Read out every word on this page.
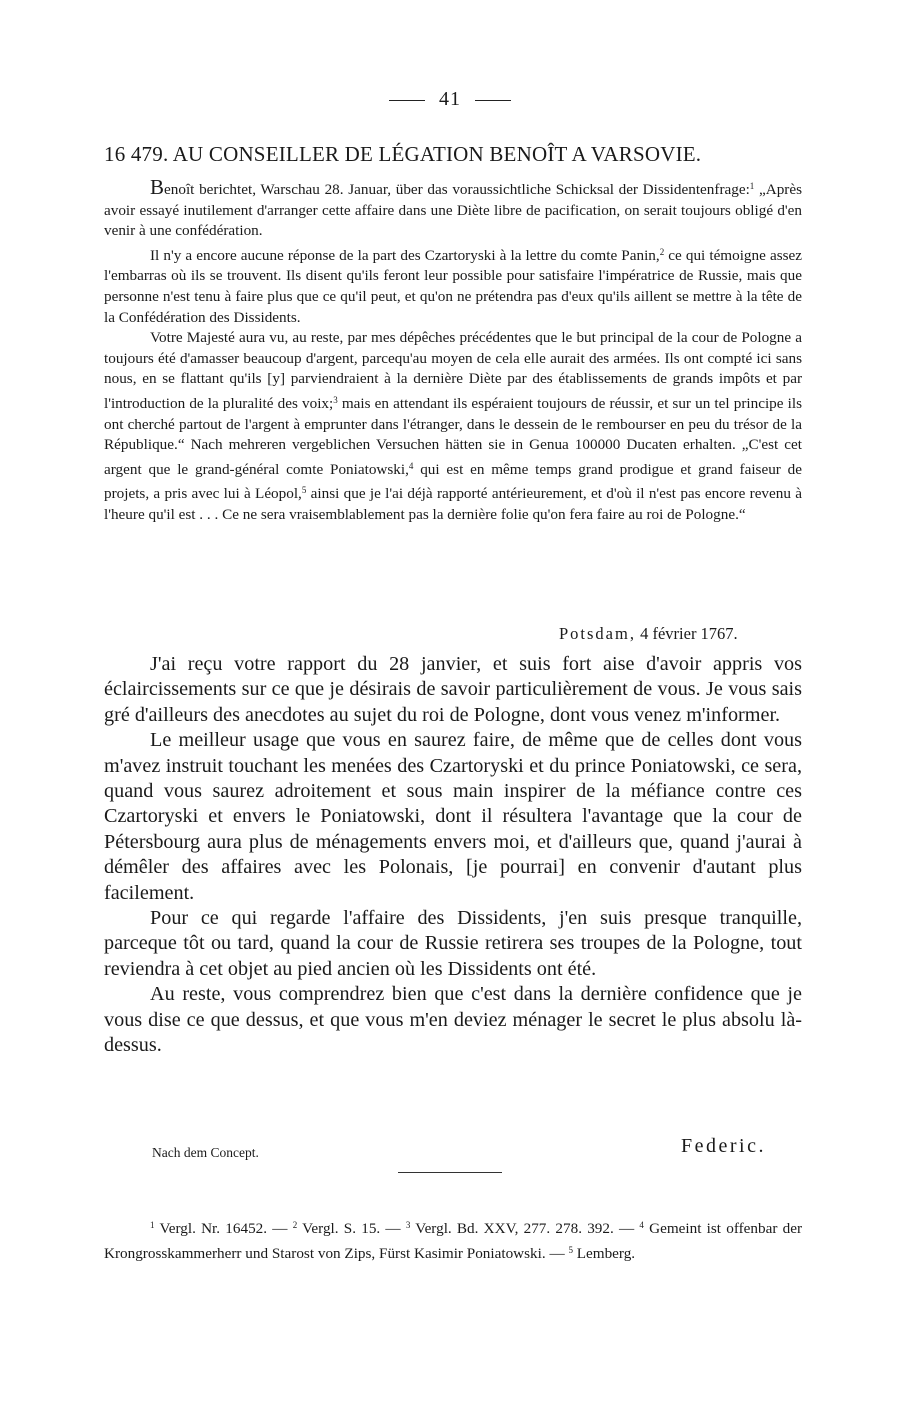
41
16 479. AU CONSEILLER DE LÉGATION BENOÎT A VARSOVIE.

Benoît berichtet, Warschau 28. Januar, über das voraussichtliche Schicksal der Dissidentenfrage:$^1$ „Après avoir essayé inutilement d'arranger cette affaire dans une Diète libre de pacification, on serait toujours obligé d'en venir à une confédération.

Il n'y a encore aucune réponse de la part des Czartoryski à la lettre du comte Panin,$^2$ ce qui témoigne assez l'embarras où ils se trouvent. Ils disent qu'ils feront leur possible pour satisfaire l'impératrice de Russie, mais que personne n'est tenu à faire plus que ce qu'il peut, et qu'on ne prétendra pas d'eux qu'ils aillent se mettre à la tête de la Confédération des Dissidents.

Votre Majesté aura vu, au reste, par mes dépêches précédentes que le but principal de la cour de Pologne a toujours été d'amasser beaucoup d'argent, parcequ'au moyen de cela elle aurait des armées. Ils ont compté ici sans nous, en se flattant qu'ils [y] parviendraient à la dernière Diète par des établissements de grands impôts et par l'introduction de la pluralité des voix;$^3$ mais en attendant ils espéraient toujours de réussir, et sur un tel principe ils ont cherché partout de l'argent à emprunter dans l'étranger, dans le dessein de le rembourser en peu du trésor de la République.“ Nach mehreren vergeblichen Versuchen hätten sie in Genua 100000 Ducaten erhalten. „C'est cet argent que le grand-général comte Poniatowski,$^4$ qui est en même temps grand prodigue et grand faiseur de projets, a pris avec lui à Léopol,$^5$ ainsi que je l'ai déjà rapporté antérieurement, et d'où il n'est pas encore revenu à l'heure qu'il est . . . Ce ne sera vraisemblablement pas la dernière folie qu'on fera faire au roi de Pologne.“

Potsdam, 4 février 1767.

J'ai reçu votre rapport du 28 janvier, et suis fort aise d'avoir appris vos éclaircissements sur ce que je désirais de savoir particulièrement de vous. Je vous sais gré d'ailleurs des anecdotes au sujet du roi de Pologne, dont vous venez m'informer.

Le meilleur usage que vous en saurez faire, de même que de celles dont vous m'avez instruit touchant les menées des Czartoryski et du prince Poniatowski, ce sera, quand vous saurez adroitement et sous main inspirer de la méfiance contre ces Czartoryski et envers le Poniatowski, dont il résultera l'avantage que la cour de Pétersbourg aura plus de ménagements envers moi, et d'ailleurs que, quand j'aurai à démêler des affaires avec les Polonais, [je pourrai] en convenir d'autant plus facilement.

Pour ce qui regarde l'affaire des Dissidents, j'en suis presque tranquille, parceque tôt ou tard, quand la cour de Russie retirera ses troupes de la Pologne, tout reviendra à cet objet au pied ancien où les Dissidents ont été.

Au reste, vous comprendrez bien que c'est dans la dernière confidence que je vous dise ce que dessus, et que vous m'en deviez ménager le secret le plus absolu là-dessus.

Nach dem Concept.	Federic.

$^1$ Vergl. Nr. 16452. — $^2$ Vergl. S. 15. — $^3$ Vergl. Bd. XXV, 277. 278. 392. — $^4$ Gemeint ist offenbar der Krongrosskammerherr und Starost von Zips, Fürst Kasimir Poniatowski. — $^5$ Lemberg.
